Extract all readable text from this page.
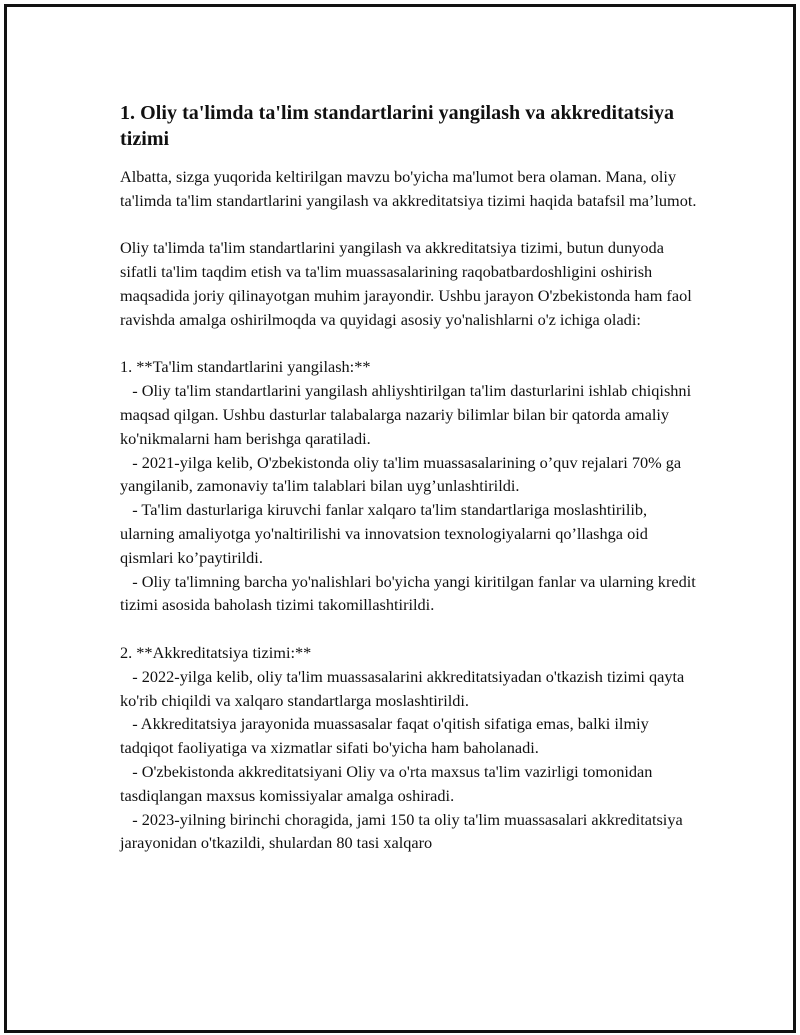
1. Oliy ta'limda ta'lim standartlarini yangilash va akkreditatsiya tizimi
Albatta, sizga yuqorida keltirilgan mavzu bo'yicha ma'lumot bera olaman. Mana, oliy ta'limda ta'lim standartlarini yangilash va akkreditatsiya tizimi haqida batafsil ma’lumot.
Oliy ta'limda ta'lim standartlarini yangilash va akkreditatsiya tizimi, butun dunyoda sifatli ta'lim taqdim etish va ta'lim muassasalarining raqobatbardoshligini oshirish maqsadida joriy qilinayotgan muhim jarayondir. Ushbu jarayon O'zbekistonda ham faol ravishda amalga oshirilmoqda va quyidagi asosiy yo'nalishlarni o'z ichiga oladi:
1. **Ta'lim standartlarini yangilash:**
- Oliy ta'lim standartlarini yangilash ahliyshtirilgan ta'lim dasturlarini ishlab chiqishni maqsad qilgan. Ushbu dasturlar talabalarga nazariy bilimlar bilan bir qatorda amaliy ko'nikmalarni ham berishga qaratiladi.
- 2021-yilga kelib, O'zbekistonda oliy ta'lim muassasalarining o’quv rejalari 70% ga yangilanib, zamonaviy ta'lim talablari bilan uyg’unlashtirildi.
- Ta'lim dasturlariga kiruvchi fanlar xalqaro ta'lim standartlariga moslashtirilib, ularning amaliyotga yo'naltirilishi va innovatsion texnologiyalarni qo’llashga oid qismlari ko’paytirildi.
- Oliy ta'limning barcha yo'nalishlari bo'yicha yangi kiritilgan fanlar va ularning kredit tizimi asosida baholash tizimi takomillashtirildi.
2. **Akkreditatsiya tizimi:**
- 2022-yilga kelib, oliy ta'lim muassasalarini akkreditatsiyadan o'tkazish tizimi qayta ko'rib chiqildi va xalqaro standartlarga moslashtirildi.
- Akkreditatsiya jarayonida muassasalar faqat o'qitish sifatiga emas, balki ilmiy tadqiqot faoliyatiga va xizmatlar sifati bo'yicha ham baholanadi.
- O'zbekistonda akkreditatsiyani Oliy va o'rta maxsus ta'lim vazirligi tomonidan tasdiqlangan maxsus komissiyalar amalga oshiradi.
- 2023-yilning birinchi choragida, jami 150 ta oliy ta'lim muassasalari akkreditatsiya jarayonidan o'tkazildi, shulardan 80 tasi xalqaro
